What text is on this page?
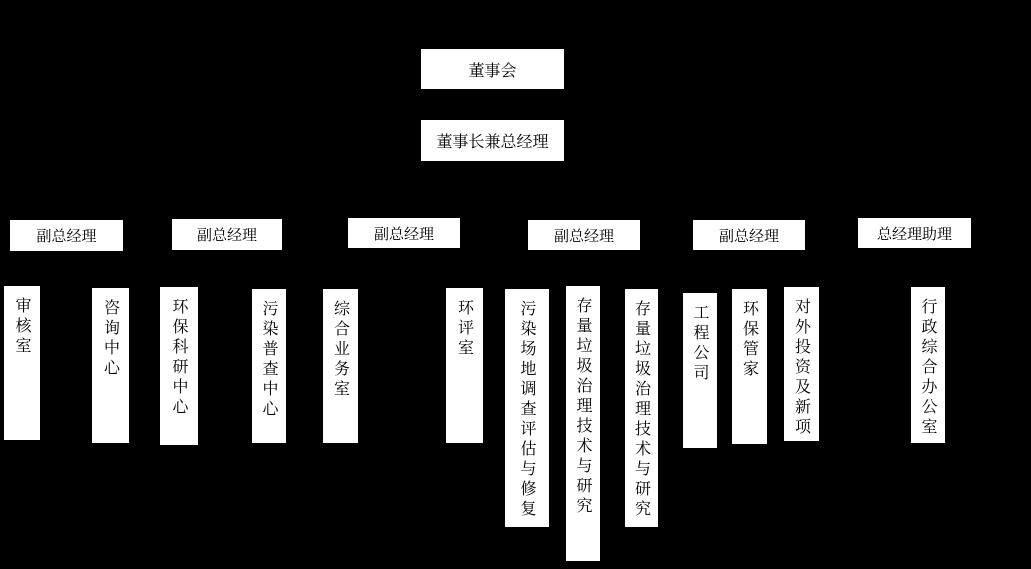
董事会
董事长兼总经理
副总经理	副总经理	副总经理	副总经理	副总经理	总经理助理
审核室	咨询中心	环保科研中心	污染普查中心	综合业务室	环评室	污染场地调查评估与修复 存量垃圾治理技术与研究 存量垃圾治理技术与研究 工程公司 环保管家 对外投资及新项	行政综合办公室
